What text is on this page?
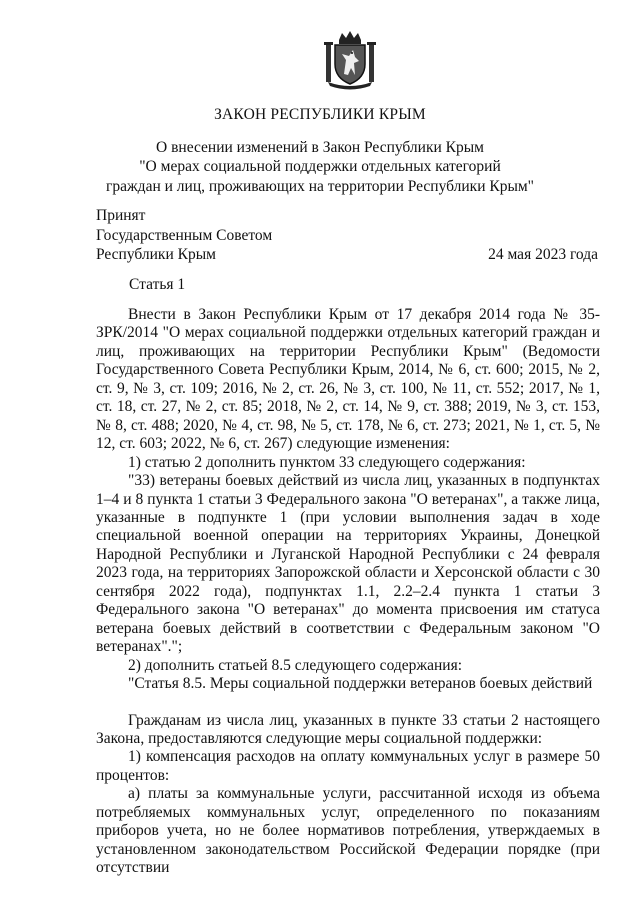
ЗАКОН РЕСПУБЛИКИ КРЫМ
О внесении изменений в Закон Республики Крым
"О мерах социальной поддержки отдельных категорий
граждан и лиц, проживающих на территории Республики Крым"
Принят
Государственным Советом
Республики Крым	24 мая 2023 года
Статья 1

Внести в Закон Республики Крым от 17 декабря 2014 года № 35-ЗРК/2014 "О мерах социальной поддержки отдельных категорий граждан и лиц, проживающих на территории Республики Крым" (Ведомости Государственного Совета Республики Крым, 2014, № 6, ст. 600; 2015, № 2, ст. 9, № 3, ст. 109; 2016, № 2, ст. 26, № 3, ст. 100, № 11, ст. 552; 2017, № 1, ст. 18, ст. 27, № 2, ст. 85; 2018, № 2, ст. 14, № 9, ст. 388; 2019, № 3, ст. 153, № 8, ст. 488; 2020, № 4, ст. 98, № 5, ст. 178, № 6, ст. 273; 2021, № 1, ст. 5, № 12, ст. 603; 2022, № 6, ст. 267) следующие изменения:

1) статью 2 дополнить пунктом 33 следующего содержания:

"33) ветераны боевых действий из числа лиц, указанных в подпунктах 1–4 и 8 пункта 1 статьи 3 Федерального закона "О ветеранах", а также лица, указанные в подпункте 1 (при условии выполнения задач в ходе специальной военной операции на территориях Украины, Донецкой Народной Республики и Луганской Народной Республики с 24 февраля 2023 года, на территориях Запорожской области и Херсонской области с 30 сентября 2022 года), подпунктах 1.1, 2.2–2.4 пункта 1 статьи 3 Федерального закона "О ветеранах" до момента присвоения им статуса ветерана боевых действий в соответствии с Федеральным законом "О ветеранах".";

2) дополнить статьей 8.5 следующего содержания:

"Статья 8.5. Меры социальной поддержки ветеранов боевых действий

Гражданам из числа лиц, указанных в пункте 33 статьи 2 настоящего Закона, предоставляются следующие меры социальной поддержки:

1) компенсация расходов на оплату коммунальных услуг в размере 50 процентов:

а) платы за коммунальные услуги, рассчитанной исходя из объема потребляемых коммунальных услуг, определенного по показаниям приборов учета, но не более нормативов потребления, утверждаемых в установленном законодательством Российской Федерации порядке (при отсутствии
